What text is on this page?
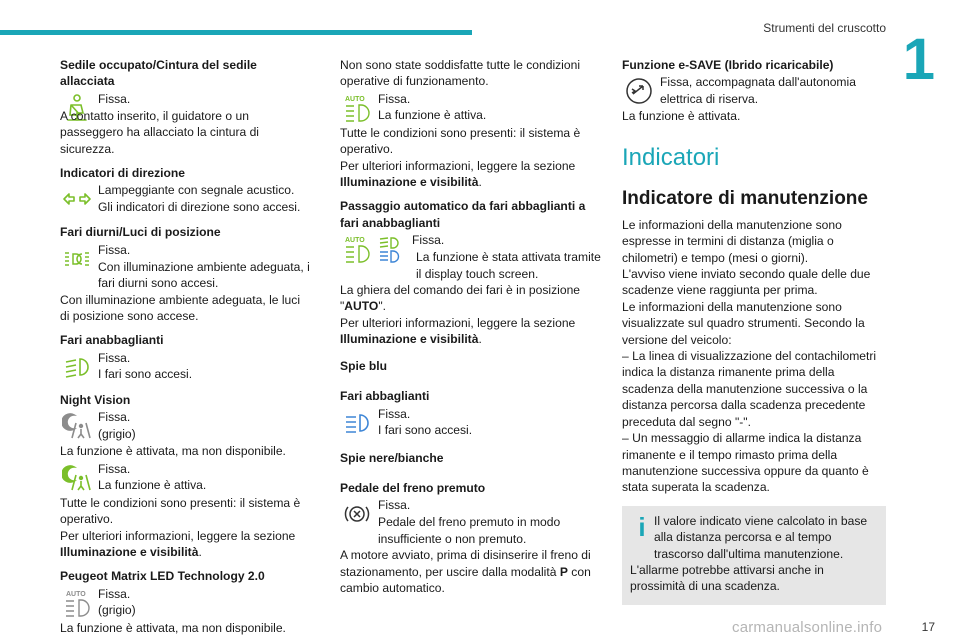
Strumenti del cruscotto 1
Sedile occupato/Cintura del sedile allacciata
Fissa.
A contatto inserito, il guidatore o un passeggero ha allacciato la cintura di sicurezza.
Indicatori di direzione
Lampeggiante con segnale acustico.
Gli indicatori di direzione sono accesi.
Fari diurni/Luci di posizione
Fissa.
Con illuminazione ambiente adeguata, i fari diurni sono accesi.
Con illuminazione ambiente adeguata, le luci di posizione sono accese.
Fari anabbaglianti
Fissa.
I fari sono accesi.
Night Vision
Fissa.
(grigio)
La funzione è attivata, ma non disponibile.
Fissa.
La funzione è attiva.
Tutte le condizioni sono presenti: il sistema è operativo.
Per ulteriori informazioni, leggere la sezione
Illuminazione e visibilità.
Peugeot Matrix LED Technology 2.0
AUTO Fissa.
(grigio)
La funzione è attivata, ma non disponibile.
Non sono state soddisfatte tutte le condizioni operative di funzionamento.
AUTO Fissa.
La funzione è attiva.
Tutte le condizioni sono presenti: il sistema è operativo.
Per ulteriori informazioni, leggere la sezione
Illuminazione e visibilità.
Passaggio automatico da fari abbaglianti a fari anabbaglianti
AUTO	Fissa.
La funzione è stata attivata tramite il display touch screen.
La ghiera del comando dei fari è in posizione "AUTO".
Per ulteriori informazioni, leggere la sezione
Illuminazione e visibilità.
Spie blu
Fari abbaglianti
Fissa.
I fari sono accesi.
Spie nere/bianche
Pedale del freno premuto
Fissa.
Pedale del freno premuto in modo insufficiente o non premuto.
A motore avviato, prima di disinserire il freno di stazionamento, per uscire dalla modalità P con cambio automatico.
Funzione e-SAVE (Ibrido ricaricabile)
Fissa, accompagnata dall'autonomia elettrica di riserva.
La funzione è attivata.
Indicatori
Indicatore di manutenzione
Le informazioni della manutenzione sono espresse in termini di distanza (miglia o chilometri) e tempo (mesi o giorni).
L'avviso viene inviato secondo quale delle due scadenze viene raggiunta per prima.
Le informazioni della manutenzione sono visualizzate sul quadro strumenti. Secondo la versione del veicolo:
– La linea di visualizzazione del contachilometri indica la distanza rimanente prima della scadenza della manutenzione successiva o la distanza percorsa dalla scadenza precedente preceduta dal segno "-".
– Un messaggio di allarme indica la distanza rimanente e il tempo rimasto prima della manutenzione successiva oppure da quanto è stata superata la scadenza.
i Il valore indicato viene calcolato in base alla distanza percorsa e al tempo trascorso dall'ultima manutenzione.
L'allarme potrebbe attivarsi anche in prossimità di una scadenza.
carmanualsonline.info	17
